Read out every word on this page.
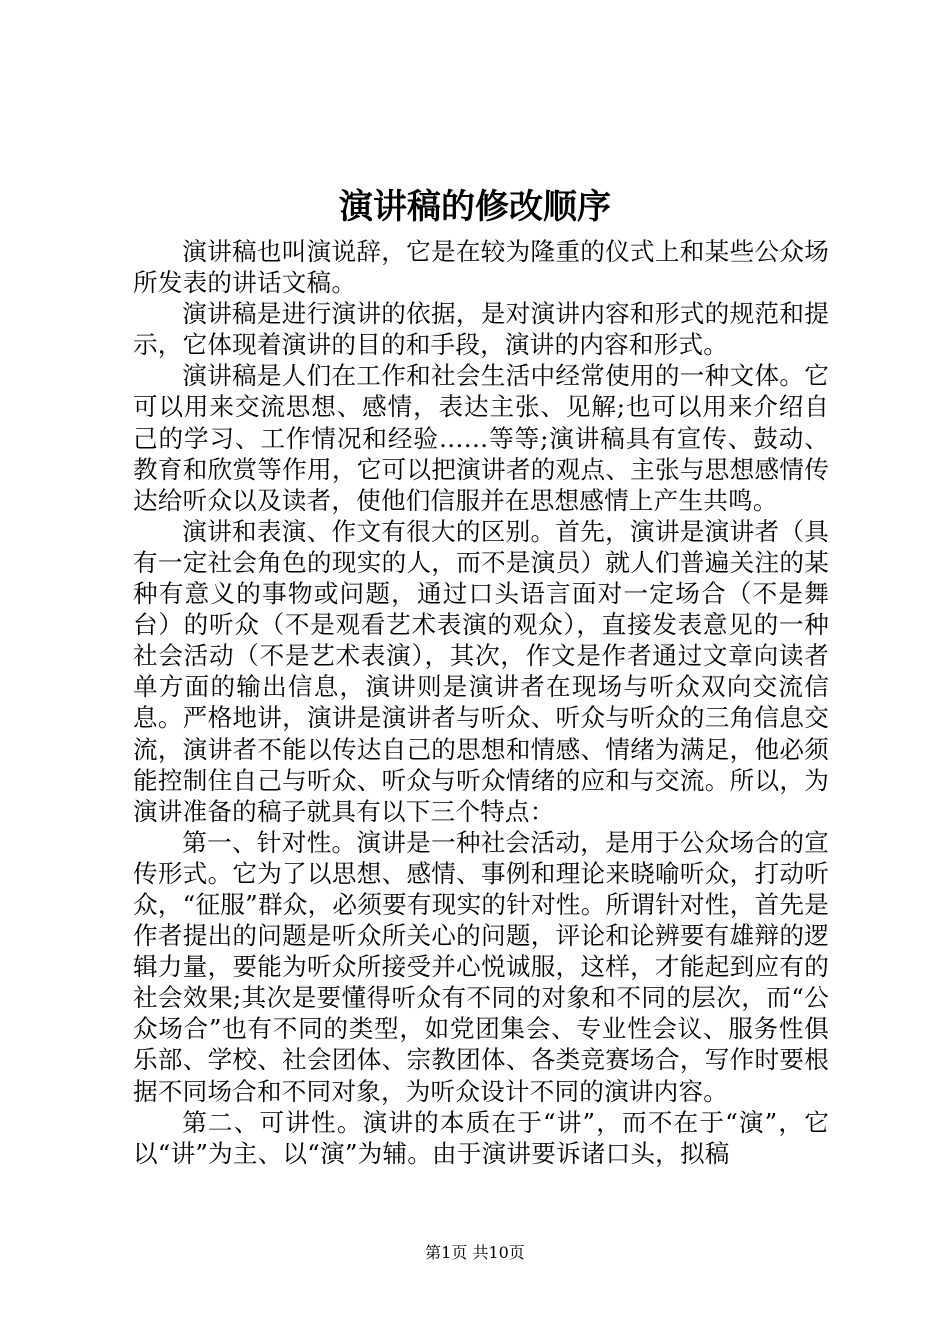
演讲稿的修改顺序

演讲稿也叫演说辞，它是在较为隆重的仪式上和某些公众场所发表的讲话文稿。

演讲稿是进行演讲的依据，是对演讲内容和形式的规范和提示，它体现着演讲的目的和手段，演讲的内容和形式。

演讲稿是人们在工作和社会生活中经常使用的一种文体。它可以用来交流思想、感情，表达主张、见解;也可以用来介绍自己的学习、工作情况和经验……等等;演讲稿具有宣传、鼓动、教育和欣赏等作用，它可以把演讲者的观点、主张与思想感情传达给听众以及读者，使他们信服并在思想感情上产生共鸣。

演讲和表演、作文有很大的区别。首先，演讲是演讲者（具有一定社会角色的现实的人，而不是演员）就人们普遍关注的某种有意义的事物或问题，通过口头语言面对一定场合（不是舞台）的听众（不是观看艺术表演的观众），直接发表意见的一种社会活动（不是艺术表演），其次，作文是作者通过文章向读者单方面的输出信息，演讲则是演讲者在现场与听众双向交流信息。严格地讲，演讲是演讲者与听众、听众与听众的三角信息交流，演讲者不能以传达自己的思想和情感、情绪为满足，他必须能控制住自己与听众、听众与听众情绪的应和与交流。所以，为演讲准备的稿子就具有以下三个特点：

第一、针对性。演讲是一种社会活动，是用于公众场合的宣传形式。它为了以思想、感情、事例和理论来晓喻听众，打动听众，“征服”群众，必须要有现实的针对性。所谓针对性，首先是作者提出的问题是听众所关心的问题，评论和论辨要有雄辩的逻辑力量，要能为听众所接受并心悦诚服，这样，才能起到应有的社会效果;其次是要懂得听众有不同的对象和不同的层次，而“公众场合”也有不同的类型，如党团集会、专业性会议、服务性俱乐部、学校、社会团体、宗教团体、各类竞赛场合，写作时要根据不同场合和不同对象，为听众设计不同的演讲内容。

第二、可讲性。演讲的本质在于“讲”，而不在于“演”，它以“讲”为主、以“演”为辅。由于演讲要诉诸口头，拟稿

第1页 共10页
